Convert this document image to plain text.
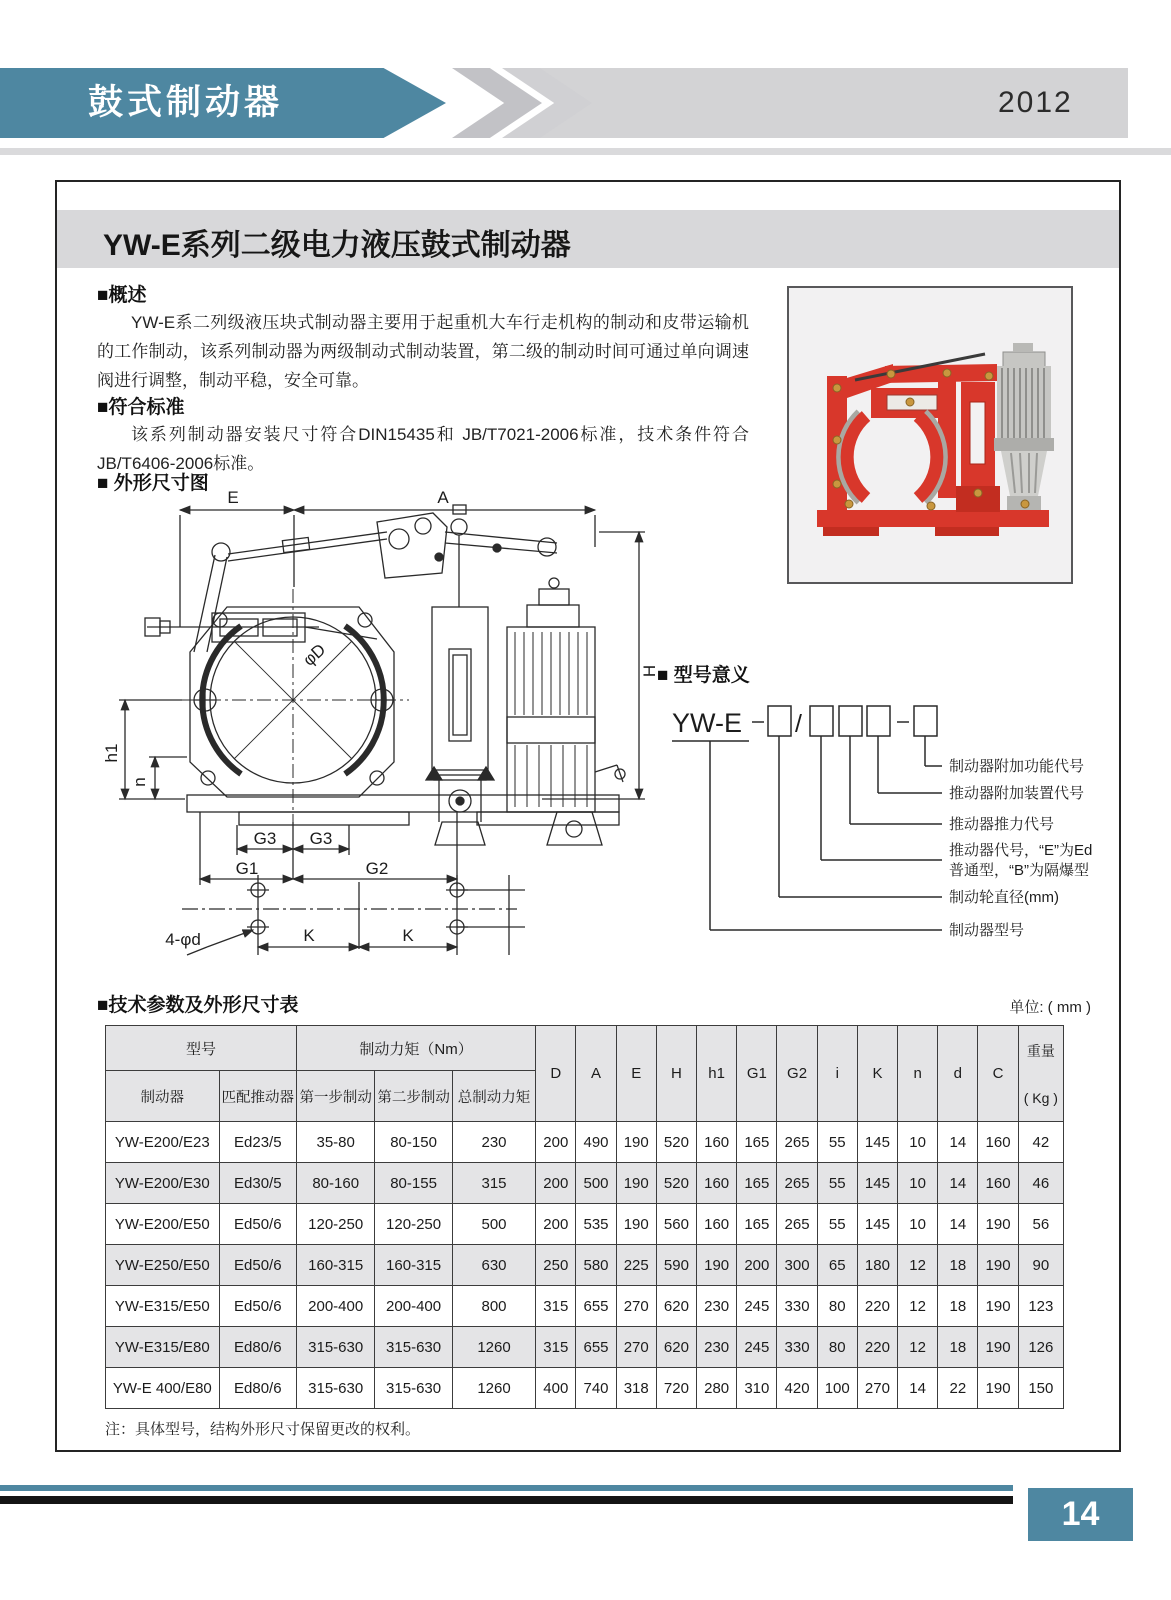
鼓式制动器	2012
YW-E系列二级电力液压鼓式制动器
■概述
YW-E系二列级液压块式制动器主要用于起重机大车行走机构的制动和皮带运输机的工作制动，该系列制动器为两级制动式制动装置，第二级的制动时间可通过单向调速阀进行调整，制动平稳，安全可靠。
■符合标准
该系列制动器安装尺寸符合DIN15435和 JB/T7021-2006标准，技术条件符合JB/T6406-2006标准。
■ 外形尺寸图
E	A
H
h1
n
φD
G3 G3
G1	G2
4-φd	K	K
■ 型号意义
YW-E /
制动器附加功能代号
推动器附加装置代号
推动器推力代号
推动器代号，“E”为Ed
普通型，“B”为隔爆型
制动轮直径(mm)
制动器型号
■技术参数及外形尺寸表	单位: ( mm )
型号		制动力矩（Nm）			D	A	E	H	h1	G1	G2	i	K	n	d	C	重量
( Kg )

制动器	匹配推动器	第一步制动	第二步制动	总制动力矩													
YW-E200/E23	Ed23/5	35-80	80-150	230	200	490	190	520	160	165	265	55	145	10	14	160	42
YW-E200/E30	Ed30/5	80-160	80-155	315	200	500	190	520	160	165	265	55	145	10	14	160	46
YW-E200/E50	Ed50/6	120-250	120-250	500	200	535	190	560	160	165	265	55	145	10	14	190	56
YW-E250/E50	Ed50/6	160-315	160-315	630	250	580	225	590	190	200	300	65	180	12	18	190	90
YW-E315/E50	Ed50/6	200-400	200-400	800	315	655	270	620	230	245	330	80	220	12	18	190	123
YW-E315/E80	Ed80/6	315-630	315-630	1260	315	655	270	620	230	245	330	80	220	12	18	190	126
YW-E 400/E80	Ed80/6	315-630	315-630	1260	400	740	318	720	280	310	420	100	270	14	22	190	150
注：具体型号，结构外形尺寸保留更改的权利。
14
